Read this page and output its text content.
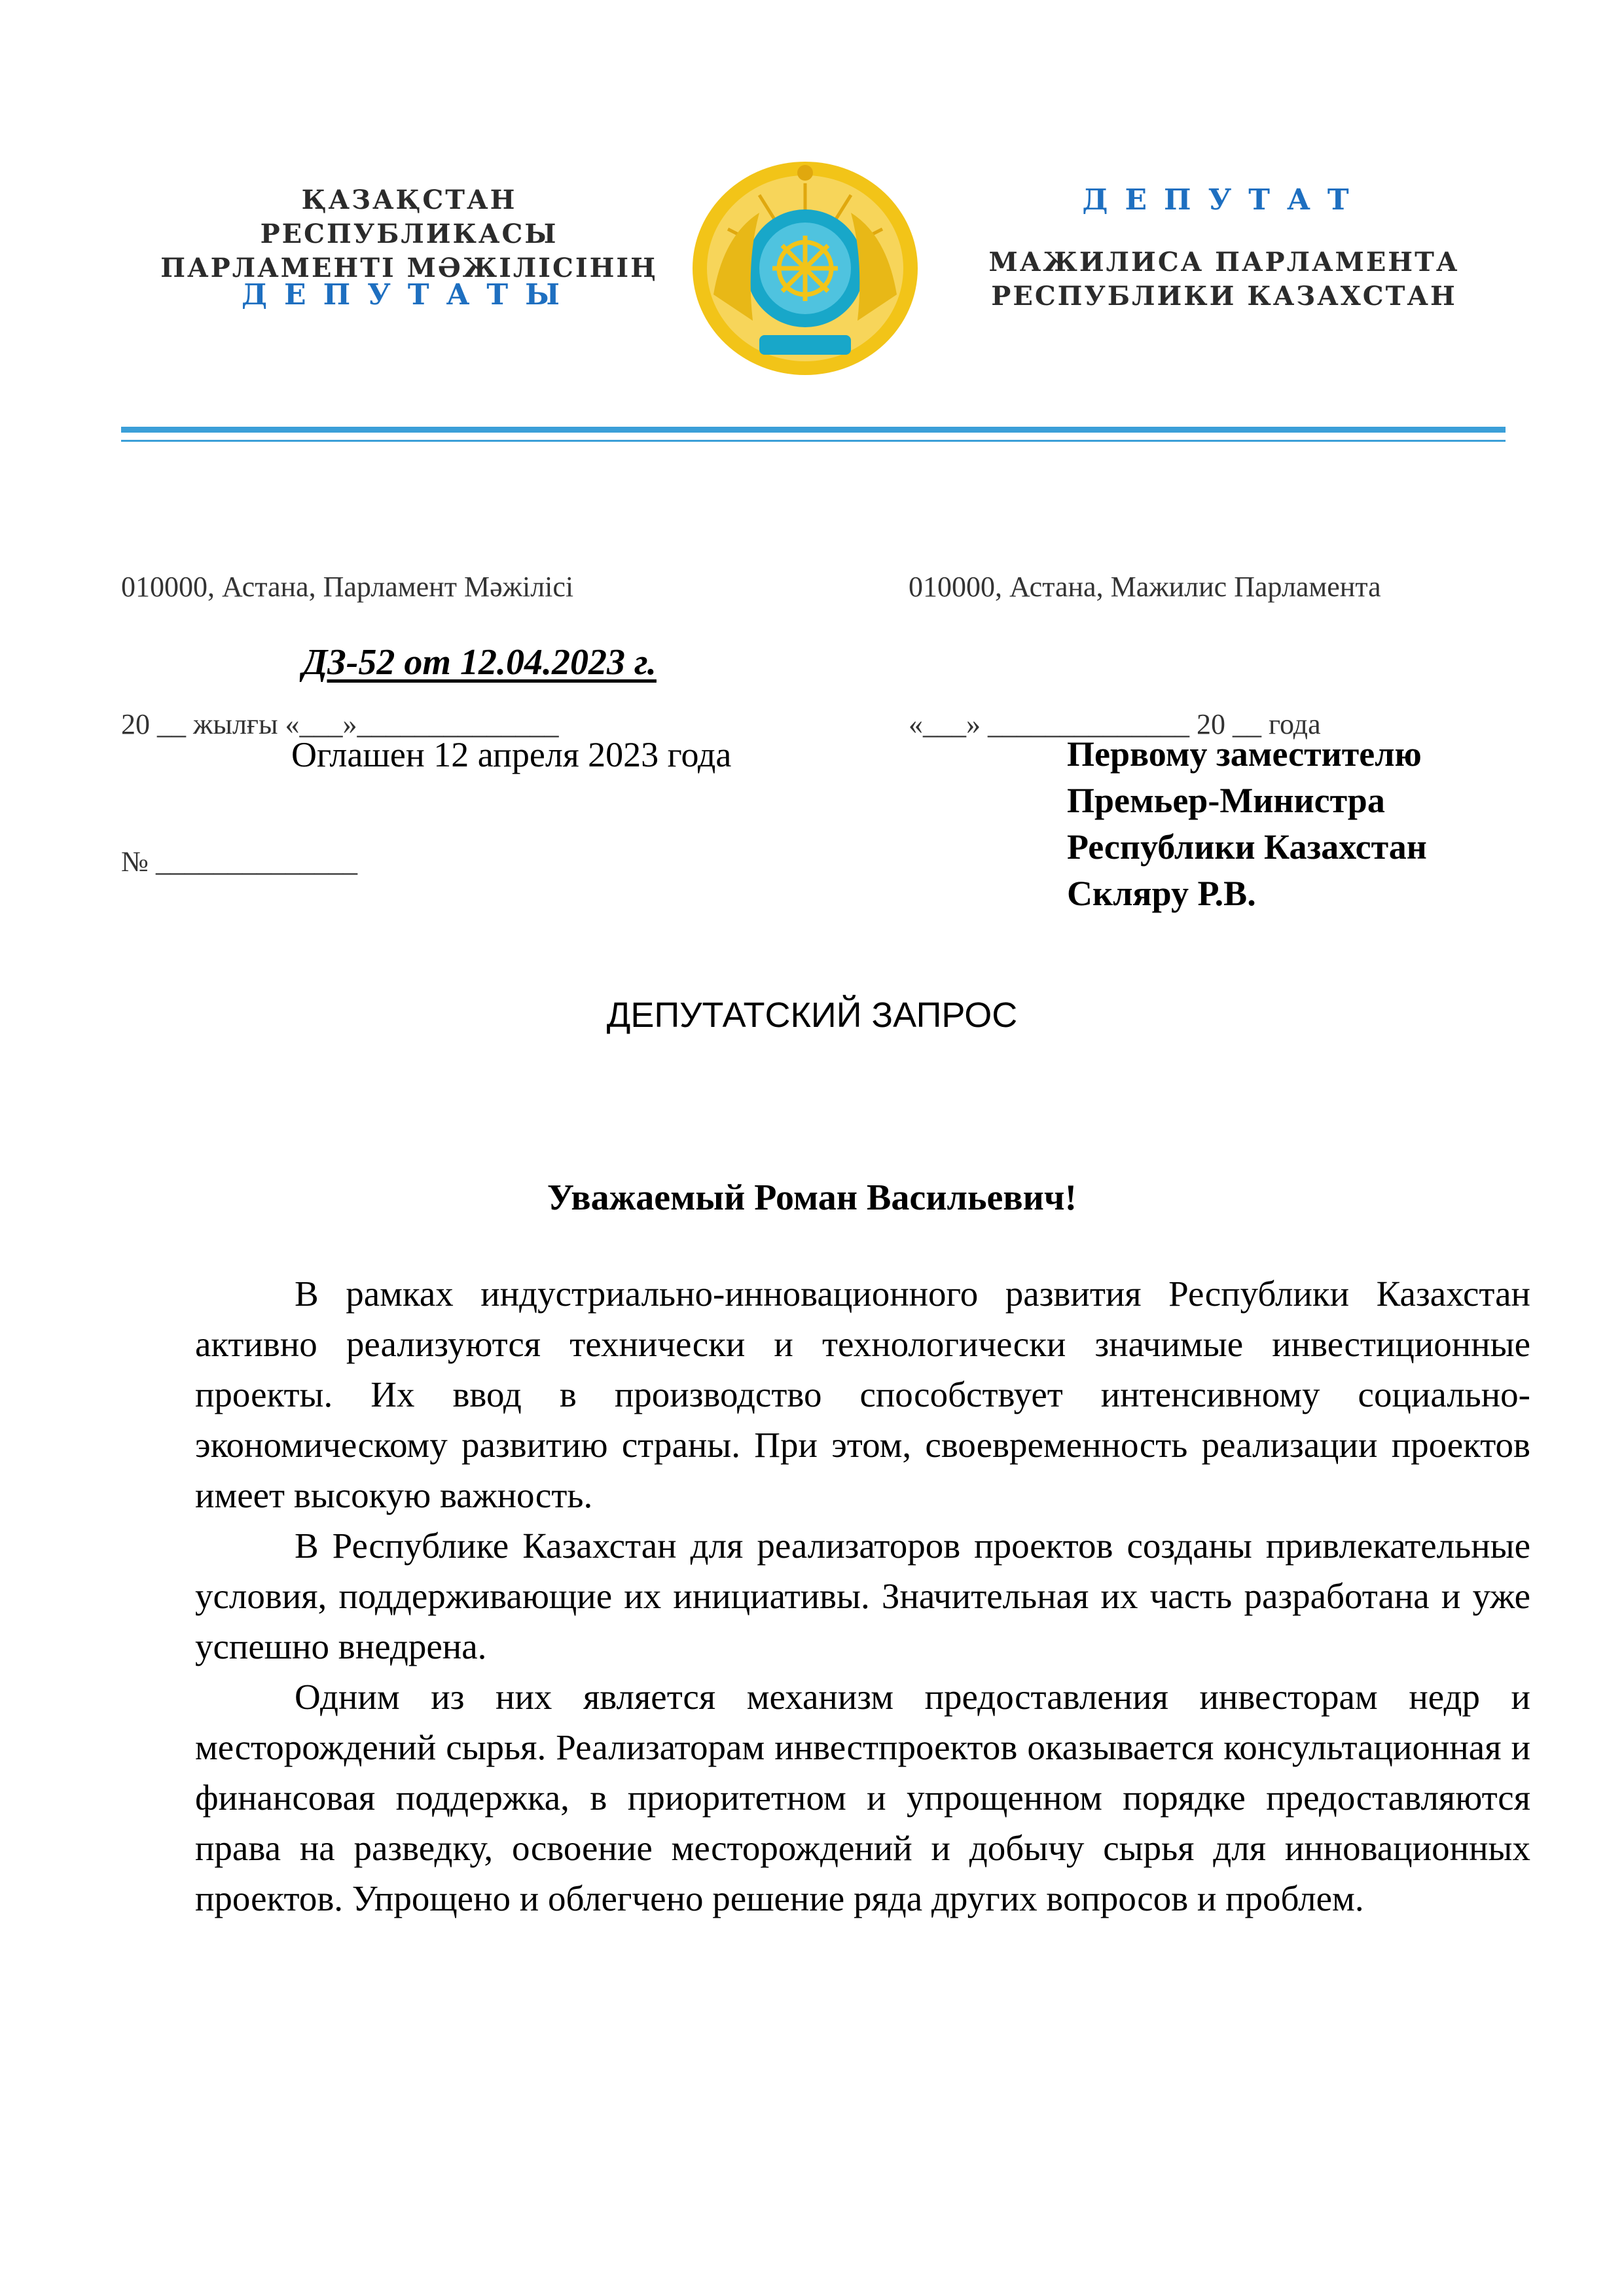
ҚАЗАҚСТАН РЕСПУБЛИКАСЫ
ПАРЛАМЕНТІ МӘЖІЛІСІНІҢ
ДЕПУТАТЫ
ДЕПУТАТ
МАЖИЛИСА ПАРЛАМЕНТА
РЕСПУБЛИКИ КАЗАХСТАН

010000, Астана, Парламент Мәжілісі

20 __ жылғы «___»______________

№ ______________

010000, Астана, Мажилис Парламента

«___» ______________ 20 __ года

ДЗ-52 от 12.04.2023 г.
Оглашен 12 апреля 2023 года	Первому заместителю
Премьер-Министра
Республики Казахстан
Скляру Р.В.
ДЕПУТАТСКИЙ ЗАПРОС
Уважаемый Роман Васильевич!

В рамках индустриально-инновационного развития Республики Казахстан активно реализуются технически и технологически значимые инвестиционные проекты. Их ввод в производство способствует интенсивному социально-экономическому развитию страны. При этом, своевременность реализации проектов имеет высокую важность.

В Республике Казахстан для реализаторов проектов созданы привлекательные условия, поддерживающие их инициативы. Значительная их часть разработана и уже успешно внедрена.

Одним из них является механизм предоставления инвесторам недр и месторождений сырья. Реализаторам инвестпроектов оказывается консультационная и финансовая поддержка, в приоритетном и упрощенном порядке предоставляются права на разведку, освоение месторождений и добычу сырья для инновационных проектов. Упрощено и облегчено решение ряда других вопросов и проблем.
